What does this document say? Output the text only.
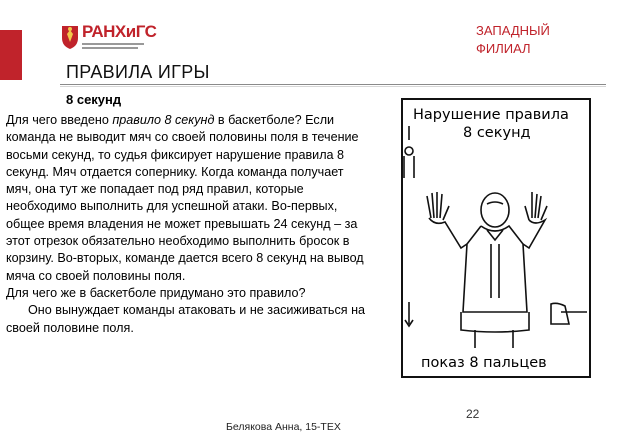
РАНХиГС	ЗАПАДНЫЙ
ФИЛИАЛ
ПРАВИЛА ИГРЫ
8 секунд

Для чего введено правило 8 секунд в баскетболе? Если команда не выводит мяч со своей половины поля в течение восьми секунд, то судья фиксирует нарушение правила 8 секунд. Мяч отдается сопернику. Когда команда получает мяч, она тут же попадает под ряд правил, которые необходимо выполнить для успешной атаки. Во-первых, общее время владения не может превышать 24 секунд – за этот отрезок обязательно необходимо выполнить бросок в корзину. Во-вторых, команде дается всего 8 секунд на вывод мяча со своей половины поля.

Для чего же в баскетболе придумано это правило?

Оно вынуждает команды атаковать и не засиживаться на своей половине поля.

Нарушение правила
8 секунд
показ 8 пальцев
22
Белякова Анна, 15-ТЕХ
